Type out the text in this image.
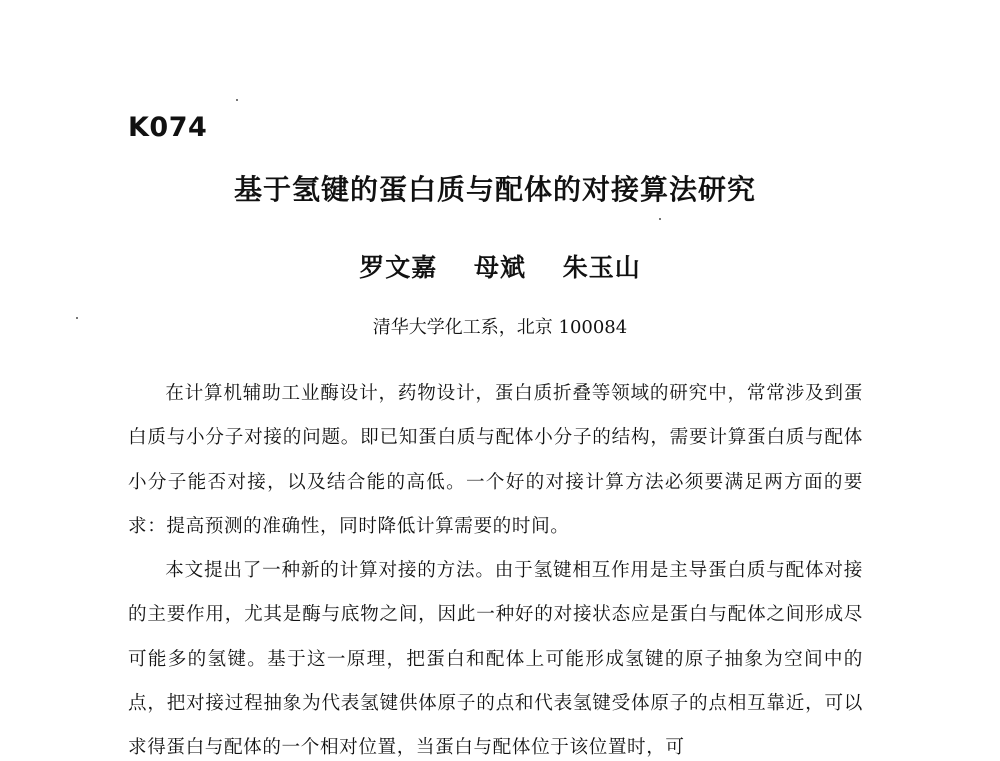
K074
基于氢键的蛋白质与配体的对接算法研究
罗文嘉 母斌 朱玉山
清华大学化工系，北京 100084

在计算机辅助工业酶设计，药物设计，蛋白质折叠等领域的研究中，常常涉及到蛋白质与小分子对接的问题。即已知蛋白质与配体小分子的结构，需要计算蛋白质与配体小分子能否对接，以及结合能的高低。一个好的对接计算方法必须要满足两方面的要求：提高预测的准确性，同时降低计算需要的时间。

本文提出了一种新的计算对接的方法。由于氢键相互作用是主导蛋白质与配体对接的主要作用，尤其是酶与底物之间，因此一种好的对接状态应是蛋白与配体之间形成尽可能多的氢键。基于这一原理，把蛋白和配体上可能形成氢键的原子抽象为空间中的点，把对接过程抽象为代表氢键供体原子的点和代表氢键受体原子的点相互靠近，可以求得蛋白与配体的一个相对位置，当蛋白与配体位于该位置时，可
